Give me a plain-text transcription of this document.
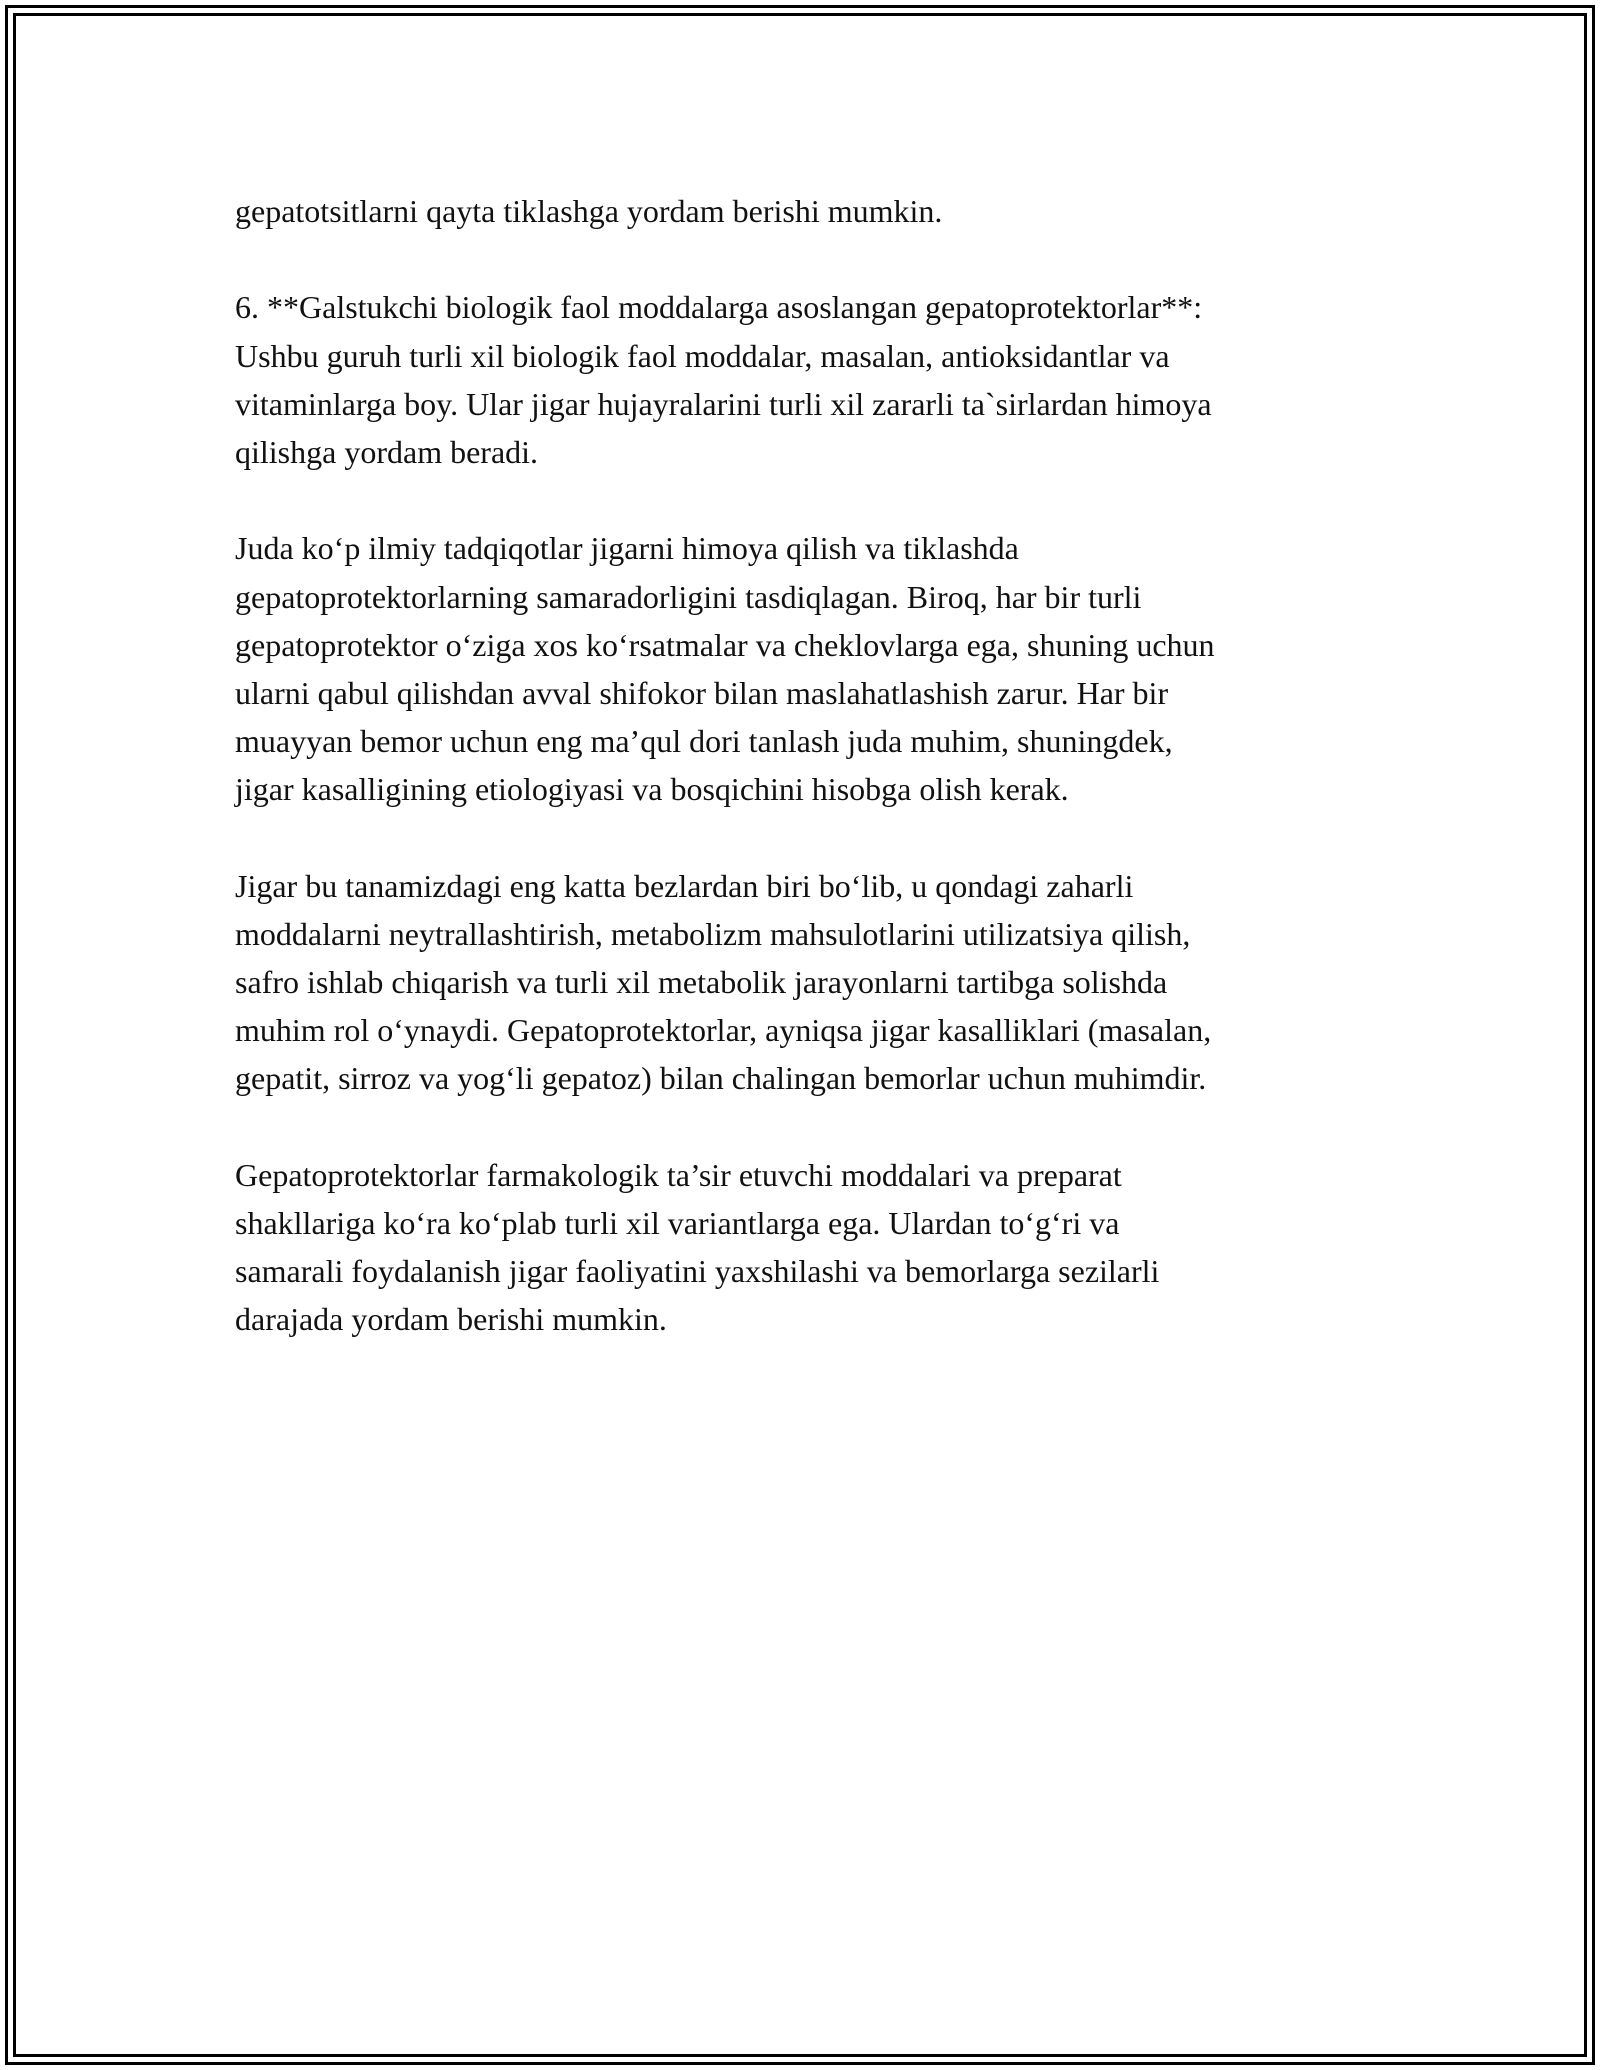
gepatotsitlarni qayta tiklashga yordam berishi mumkin.
6. **Galstukchi biologik faol moddalarga asoslangan gepatoprotektorlar**:
Ushbu guruh turli xil biologik faol moddalar, masalan, antioksidantlar va
vitaminlarga boy. Ular jigar hujayralarini turli xil zararli ta`sirlardan himoya
qilishga yordam beradi.
Juda ko‘p ilmiy tadqiqotlar jigarni himoya qilish va tiklashda
gepatoprotektorlarning samaradorligini tasdiqlagan. Biroq, har bir turli
gepatoprotektor o‘ziga xos ko‘rsatmalar va cheklovlarga ega, shuning uchun
ularni qabul qilishdan avval shifokor bilan maslahatlashish zarur. Har bir
muayyan bemor uchun eng ma’qul dori tanlash juda muhim, shuningdek,
jigar kasalligining etiologiyasi va bosqichini hisobga olish kerak.
Jigar bu tanamizdagi eng katta bezlardan biri bo‘lib, u qondagi zaharli
moddalarni neytrallashtirish, metabolizm mahsulotlarini utilizatsiya qilish,
safro ishlab chiqarish va turli xil metabolik jarayonlarni tartibga solishda
muhim rol o‘ynaydi. Gepatoprotektorlar, ayniqsa jigar kasalliklari (masalan,
gepatit, sirroz va yog‘li gepatoz) bilan chalingan bemorlar uchun muhimdir.
Gepatoprotektorlar farmakologik ta’sir etuvchi moddalari va preparat
shakllariga ko‘ra ko‘plab turli xil variantlarga ega. Ulardan to‘g‘ri va
samarali foydalanish jigar faoliyatini yaxshilashi va bemorlarga sezilarli
darajada yordam berishi mumkin.
